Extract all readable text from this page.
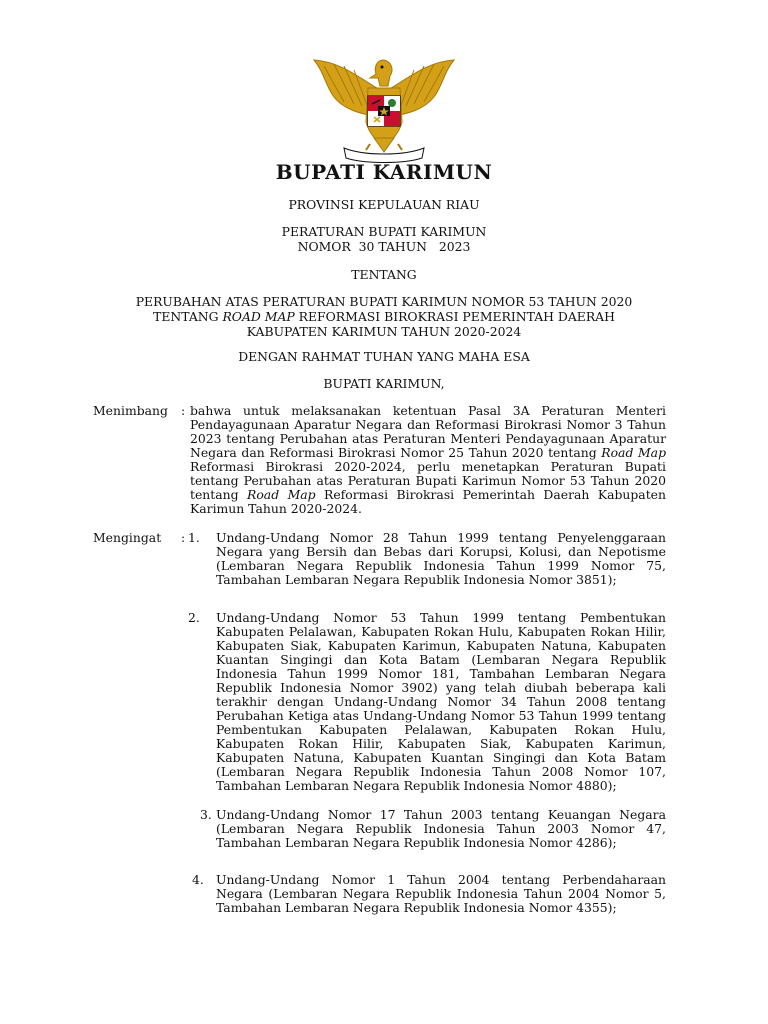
BUPATI KARIMUN
PROVINSI KEPULAUAN RIAU
PERATURAN BUPATI KARIMUN
NOMOR  30 TAHUN   2023
TENTANG
PERUBAHAN ATAS PERATURAN BUPATI KARIMUN NOMOR 53 TAHUN 2020
TENTANG ROAD MAP REFORMASI BIROKRASI PEMERINTAH DAERAH
KABUPATEN KARIMUN TAHUN 2020-2024
DENGAN RAHMAT TUHAN YANG MAHA ESA
BUPATI KARIMUN,
Menimbang : bahwa untuk melaksanakan ketentuan Pasal 3A Peraturan Menteri Pendayagunaan Aparatur Negara dan Reformasi Birokrasi Nomor 3 Tahun 2023 tentang Perubahan atas Peraturan Menteri Pendayagunaan Aparatur Negara dan Reformasi Birokrasi Nomor 25 Tahun 2020 tentang Road Map Reformasi Birokrasi 2020-2024, perlu menetapkan Peraturan Bupati tentang Perubahan atas Peraturan Bupati Karimun Nomor 53 Tahun 2020 tentang Road Map Reformasi Birokrasi Pemerintah Daerah Kabupaten Karimun Tahun 2020-2024.
Mengingat : 1. Undang-Undang Nomor 28 Tahun 1999 tentang Penyelenggaraan Negara yang Bersih dan Bebas dari Korupsi, Kolusi, dan Nepotisme (Lembaran Negara Republik Indonesia Tahun 1999 Nomor 75, Tambahan Lembaran Negara Republik Indonesia Nomor 3851);
2. Undang-Undang Nomor 53 Tahun 1999 tentang Pembentukan Kabupaten Pelalawan, Kabupaten Rokan Hulu, Kabupaten Rokan Hilir, Kabupaten Siak, Kabupaten Karimun, Kabupaten Natuna, Kabupaten Kuantan Singingi dan Kota Batam (Lembaran Negara Republik Indonesia Tahun 1999 Nomor 181, Tambahan Lembaran Negara Republik Indonesia Nomor 3902) yang telah diubah beberapa kali terakhir dengan Undang-Undang Nomor 34 Tahun 2008 tentang Perubahan Ketiga atas Undang-Undang Nomor 53 Tahun 1999 tentang Pembentukan Kabupaten Pelalawan, Kabupaten Rokan Hulu, Kabupaten Rokan Hilir, Kabupaten Siak, Kabupaten Karimun, Kabupaten Natuna, Kabupaten Kuantan Singingi dan Kota Batam (Lembaran Negara Republik Indonesia Tahun 2008 Nomor 107, Tambahan Lembaran Negara Republik Indonesia Nomor 4880);
3. Undang-Undang Nomor 17 Tahun 2003 tentang Keuangan Negara (Lembaran Negara Republik Indonesia Tahun 2003 Nomor 47, Tambahan Lembaran Negara Republik Indonesia Nomor 4286);
4. Undang-Undang Nomor 1 Tahun 2004 tentang Perbendaharaan Negara (Lembaran Negara Republik Indonesia Tahun 2004 Nomor 5, Tambahan Lembaran Negara Republik Indonesia Nomor 4355);
